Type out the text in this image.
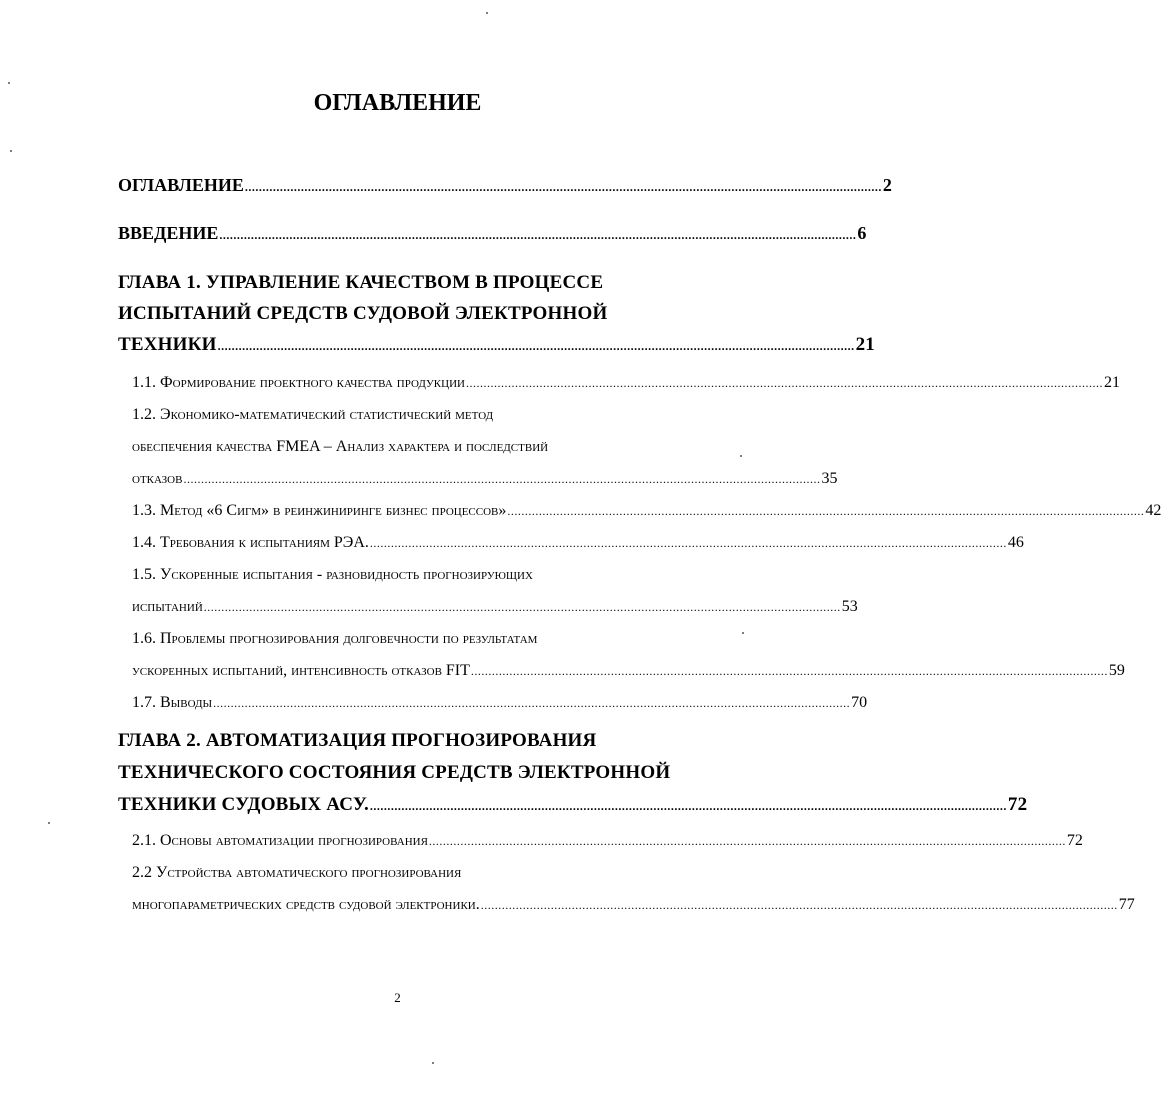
ОГЛАВЛЕНИЕ
ОГЛАВЛЕНИЕ ...................................................................................................................................................................................... 2
ВВЕДЕНИЕ ...................................................................................................................................................................................... 6
ГЛАВА 1. УПРАВЛЕНИЕ КАЧЕСТВОМ В ПРОЦЕССЕ
ИСПЫТАНИЙ СРЕДСТВ СУДОВОЙ ЭЛЕКТРОННОЙ
ТЕХНИКИ ...................................................................................................................................................................................... 21
1.1. Формирование проектного качества продукции ...................................................................................................................................................................................... 21
1.2. Экономико-математический статистический метод
обеспечения качества FMEA – Анализ характера и последствий
отказов ...................................................................................................................................................................................... 35
1.3. Метод «6 Сигм» в реинжиниринге бизнес процессов» ...................................................................................................................................................................................... 42
1.4. Требования к испытаниям РЭА. ...................................................................................................................................................................................... 46
1.5. Ускоренные испытания - разновидность прогнозирующих
испытаний ...................................................................................................................................................................................... 53
1.6. Проблемы прогнозирования долговечности по результатам
ускоренных испытаний, интенсивность отказов FIT ...................................................................................................................................................................................... 59
1.7. Выводы ...................................................................................................................................................................................... 70
ГЛАВА 2. АВТОМАТИЗАЦИЯ ПРОГНОЗИРОВАНИЯ
ТЕХНИЧЕСКОГО СОСТОЯНИЯ СРЕДСТВ ЭЛЕКТРОННОЙ
ТЕХНИКИ СУДОВЫХ АСУ. ...................................................................................................................................................................................... 72
2.1. Основы автоматизации прогнозирования ...................................................................................................................................................................................... 72
2.2 Устройства автоматического прогнозирования
многопараметрических средств судовой электроники. ...................................................................................................................................................................................... 77
2
